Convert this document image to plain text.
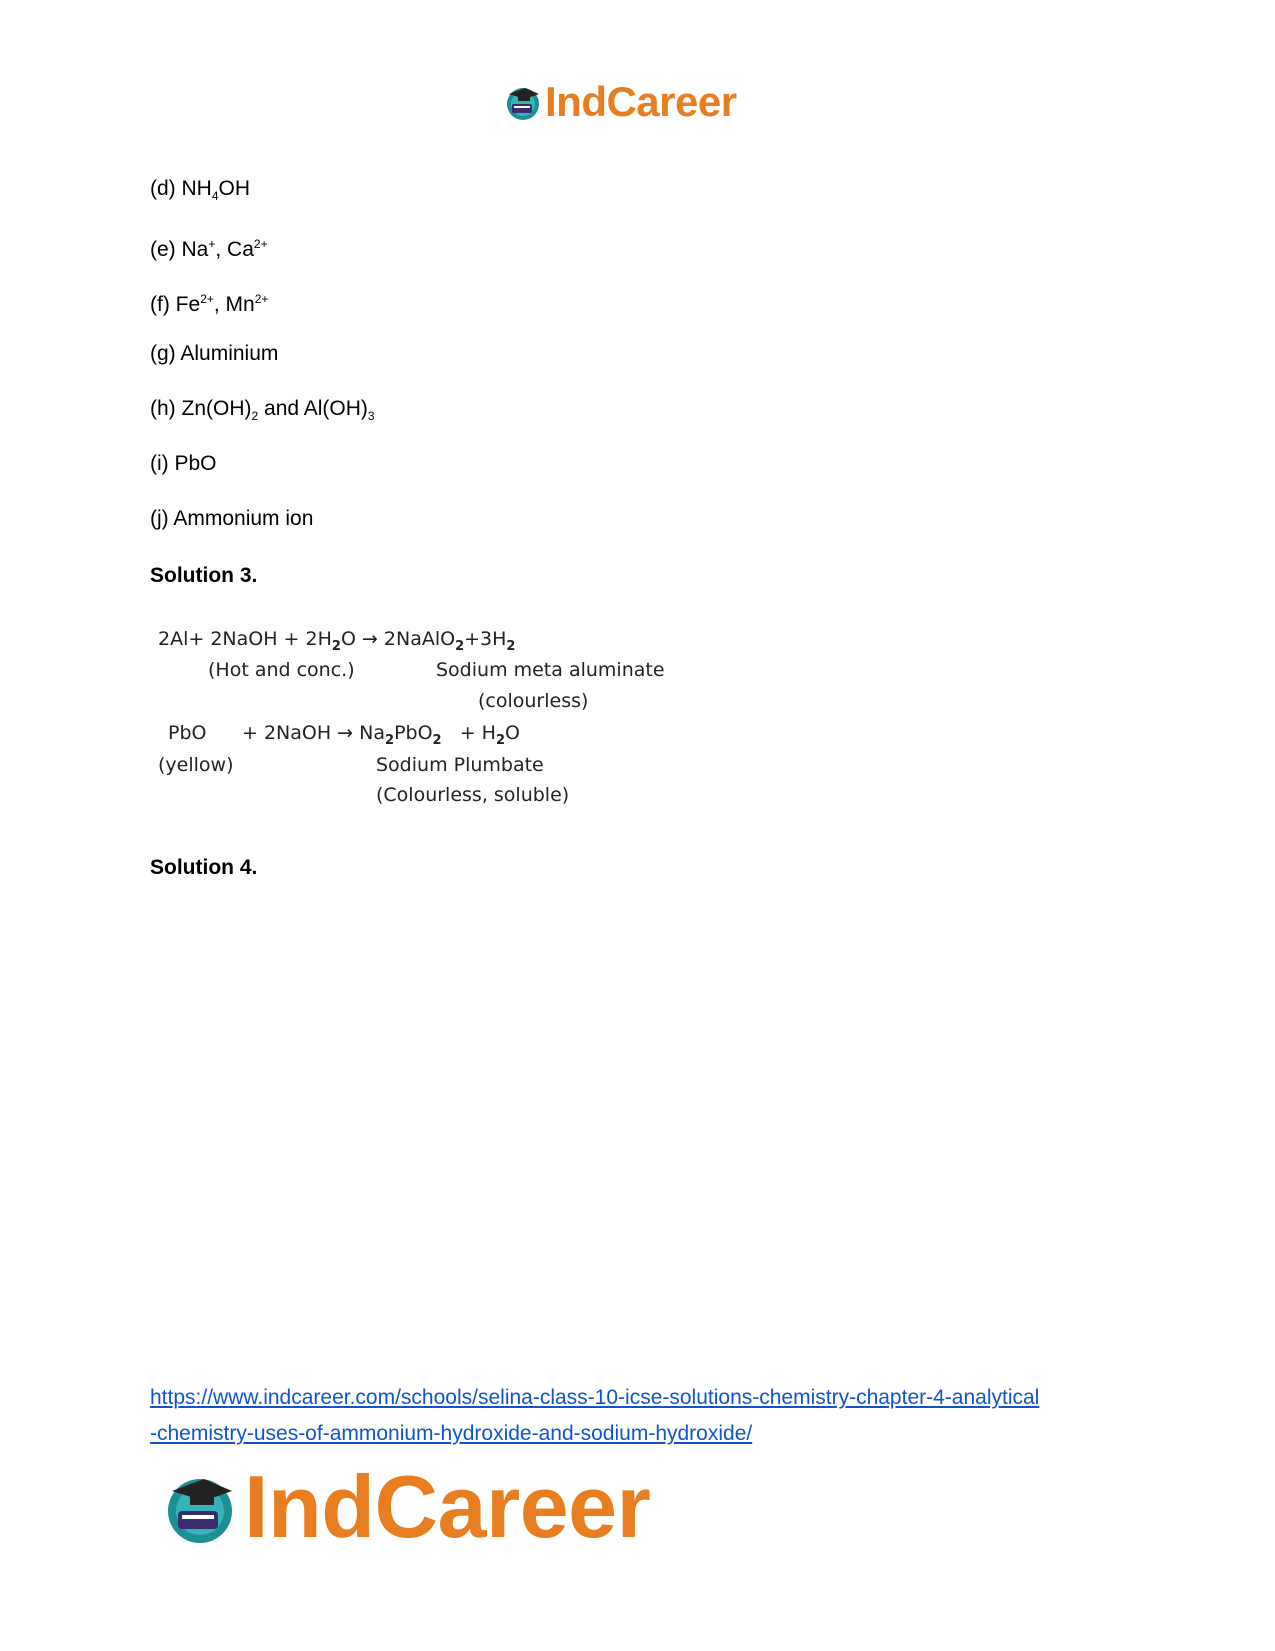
IndCareer
(d) $NH_4OH$
(e) Na+, $Ca^{2+}$
(f) $Fe^{2+}$, $Mn^{2+}$
(g) Aluminium
(h) $Zn(OH)_2$ and $Al(OH)_3$
(i) PbO
(j) Ammonium ion
Solution 3.
2Al+ 2NaOH + $2H_2O$ → $2NaAlO_2+3H_2$
(Hot and conc.)	Sodium meta aluminate
(colourless)
PbO + 2NaOH → $Na_2PbO_2 + H_2O$
(yellow)	Sodium Plumbate
(Colourless, soluble)
Solution 4.
https://www.indcareer.com/schools/selina-class-10-icse-solutions-chemistry-chapter-4-analytical
-chemistry-uses-of-ammonium-hydroxide-and-sodium-hydroxide/
IndCareer
